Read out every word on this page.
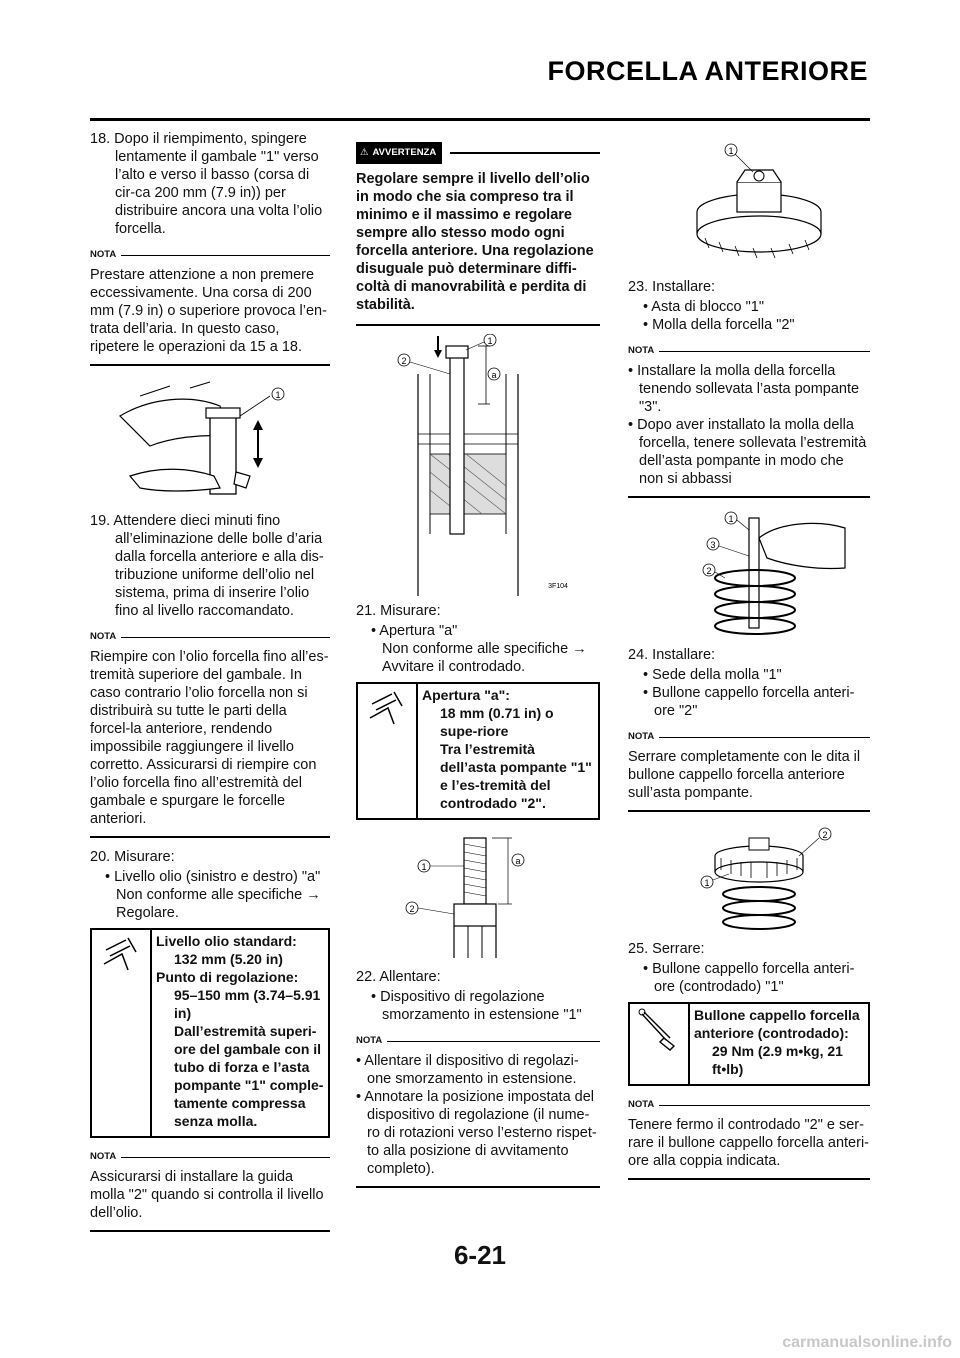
FORCELLA ANTERIORE

18. Dopo il riempimento, spingere lentamente il gambale "1" verso l’alto e verso il basso (corsa di cir-ca 200 mm (7.9 in)) per distribuire ancora una volta l’olio forcella.

NOTA

Prestare attenzione a non premere eccessivamente. Una corsa di 200 mm (7.9 in) o superiore provoca l’en-trata dell’aria. In questo caso, ripetere le operazioni da 15 a 18.

1

19. Attendere dieci minuti fino all’eliminazione delle bolle d’aria dalla forcella anteriore e alla dis-tribuzione uniforme dell’olio nel sistema, prima di inserire l’olio fino al livello raccomandato.

NOTA

Riempire con l’olio forcella fino all’es-tremità superiore del gambale. In caso contrario l’olio forcella non si distribuirà su tutte le parti della forcel-la anteriore, rendendo impossibile raggiungere il livello corretto. Assicurarsi di riempire con l’olio forcella fino all’estremità del gambale e spurgare le forcelle anteriori.

20. Misurare:

• Livello olio (sinistro e destro) "a"

Non conforme alle specifiche → Regolare.

Livello olio standard:

132 mm (5.20 in)

Punto di regolazione:

95–150 mm (3.74–5.91 in)

Dall’estremità superi-ore del gambale con il tubo di forza e l’asta pompante "1" comple-tamente compressa senza molla.

NOTA

Assicurarsi di installare la guida molla "2" quando si controlla il livello dell’olio.

⚠ AVVERTENZA

Regolare sempre il livello dell’olio in modo che sia compreso tra il minimo e il massimo e regolare sempre allo stesso modo ogni forcella anteriore. Una regolazione disuguale può determinare diffi-coltà di manovrabilità e perdita di stabilità.

a
1
2
3F104

21. Misurare:

• Apertura "a"

Non conforme alle specifiche → Avvitare il controdado.

Apertura "a":

18 mm (0.71 in) o supe-riore

Tra l’estremità dell’asta pompante "1" e l’es-tremità del controdado "2".

a
1
2

22. Allentare:

• Dispositivo di regolazione smorzamento in estensione "1"

NOTA

• Allentare il dispositivo di regolazi-one smorzamento in estensione.

• Annotare la posizione impostata del dispositivo di regolazione (il nume-ro di rotazioni verso l’esterno rispet-to alla posizione di avvitamento completo).

1

23. Installare:

• Asta di blocco "1"

• Molla della forcella "2"

NOTA

• Installare la molla della forcella tenendo sollevata l’asta pompante "3".

• Dopo aver installato la molla della forcella, tenere sollevata l’estremità dell’asta pompante in modo che non si abbassi

1
3
2

24. Installare:

• Sede della molla "1"

• Bullone cappello forcella anteri-ore "2"

NOTA

Serrare completamente con le dita il bullone cappello forcella anteriore sull’asta pompante.

2
1

25. Serrare:

• Bullone cappello forcella anteri-ore (controdado) "1"

Bullone cappello forcella anteriore (controdado):

29 Nm (2.9 m•kg, 21 ft•lb)

NOTA

Tenere fermo il controdado "2" e ser-rare il bullone cappello forcella anteri-ore alla coppia indicata.

6-21
carmanualsonline.info
